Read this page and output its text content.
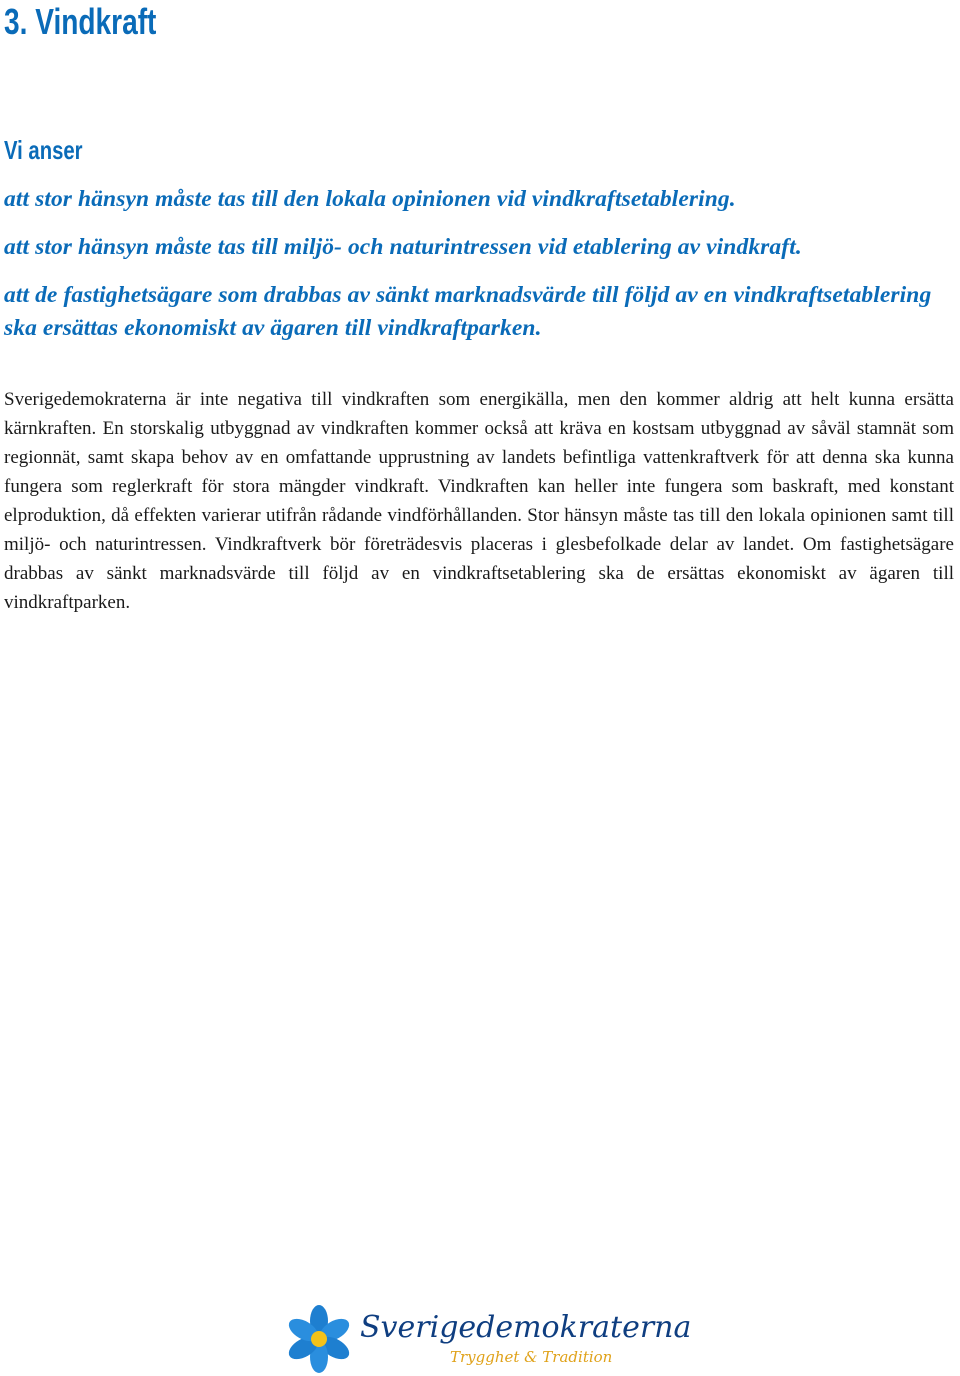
3. Vindkraft
Vi anser
att stor hänsyn måste tas till den lokala opinionen vid vindkraftsetablering.
att stor hänsyn måste tas till miljö- och naturintressen vid etablering av vindkraft.
att de fastighetsägare som drabbas av sänkt marknadsvärde till följd av en vindkraftsetablering ska ersättas ekonomiskt av ägaren till vindkraftparken.

Sverigedemokraterna är inte negativa till vindkraften som energikälla, men den kommer aldrig att helt kunna ersätta kärnkraften. En storskalig utbyggnad av vindkraften kommer också att kräva en kostsam utbyggnad av såväl stamnät som regionnät, samt skapa behov av en omfattande upprustning av landets befintliga vattenkraftverk för att denna ska kunna fungera som reglerkraft för stora mängder vindkraft. Vindkraften kan heller inte fungera som baskraft, med konstant elproduktion, då effekten varierar utifrån rådande vindförhållanden. Stor hänsyn måste tas till den lokala opinionen samt till miljö- och naturintressen. Vindkraftverk bör företrädesvis placeras i glesbefolkade delar av landet. Om fastighetsägare drabbas av sänkt marknadsvärde till följd av en vindkraftsetablering ska de ersättas ekonomiskt av ägaren till vindkraftparken.

Sverigedemokraterna

Trygghet & Tradition
